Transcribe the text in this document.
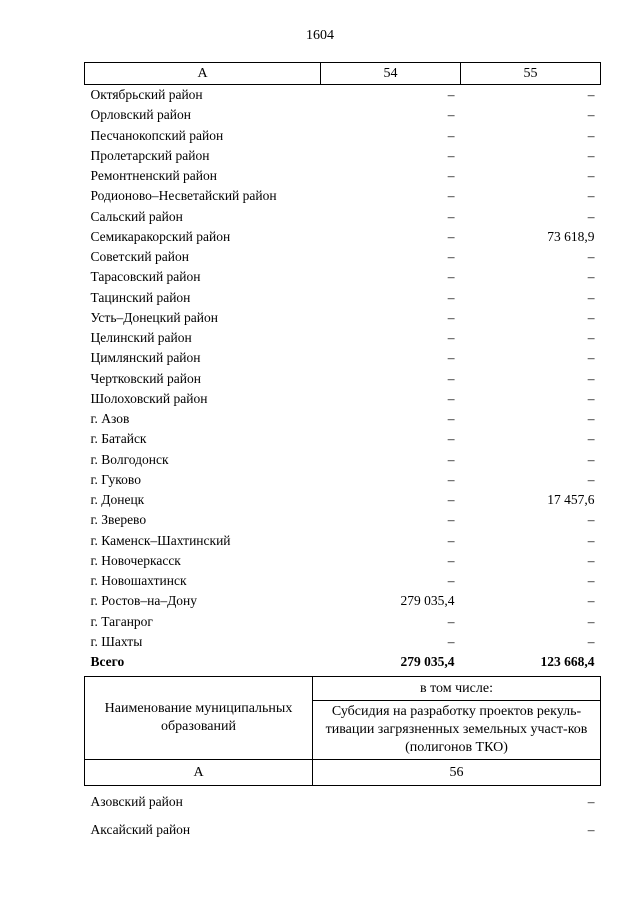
1604
А	54	55
Октябрьский район	–	–
Орловский район	–	–
Песчанокопский район	–	–
Пролетарский район	–	–
Ремонтненский район	–	–
Родионово–Несветайский район	–	–
Сальский район	–	–
Семикаракорский район	–	73 618,9
Советский район	–	–
Тарасовский район	–	–
Тацинский район	–	–
Усть–Донецкий район	–	–
Целинский район	–	–
Цимлянский район	–	–
Чертковский район	–	–
Шолоховский район	–	–
г. Азов	–	–
г. Батайск	–	–
г. Волгодонск	–	–
г. Гуково	–	–
г. Донецк	–	17 457,6
г. Зверево	–	–
г. Каменск–Шахтинский	–	–
г. Новочеркасск	–	–
г. Новошахтинск	–	–
г. Ростов–на–Дону	279 035,4	–
г. Таганрог	–	–
г. Шахты	–	–
Всего	279 035,4	123 668,4
Наименование муниципальных образований	в том числе:
	Субсидия на разработку проектов рекуль-тивации загрязненных земельных участ-ков (полигонов ТКО)
А	56
Азовский район	–
Аксайский район	–
